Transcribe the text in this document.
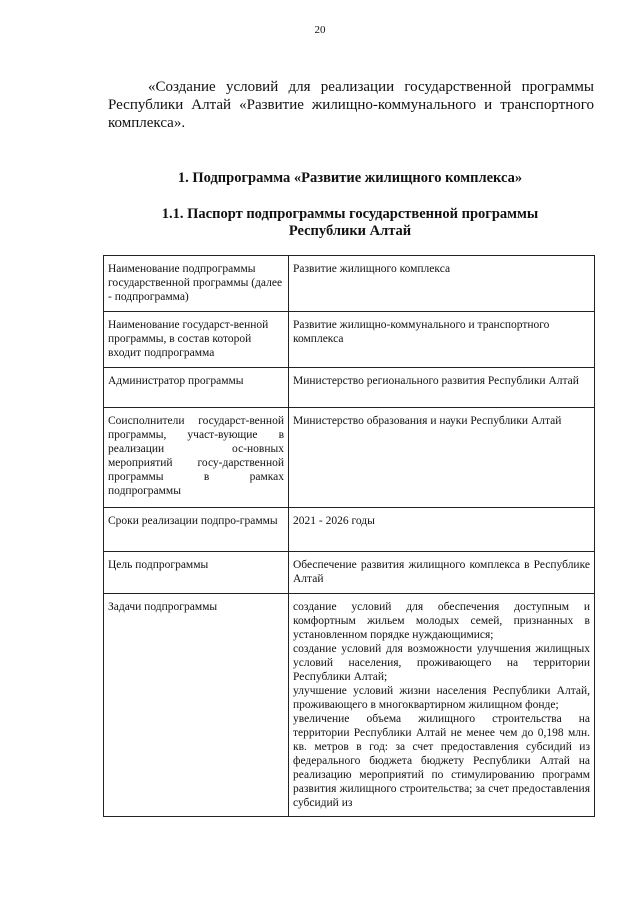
20

«Создание условий для реализации государственной программы Республики Алтай «Развитие жилищно-коммунального и транспортного комплекса».

1. Подпрограмма «Развитие жилищного комплекса»
1.1. Паспорт подпрограммы государственной программы
Республики Алтай
Наименование подпрограммы государственной программы (далее - подпрограмма)	Развитие жилищного комплекса
Наименование государст-венной программы, в состав которой входит подпрограмма	Развитие жилищно-коммунального и транспортного комплекса
Администратор программы	Министерство регионального развития Республики Алтай
Соисполнители государст-венной программы, участ-вующие в реализации ос-новных мероприятий госу-дарственной программы в рамках подпрограммы	Министерство образования и науки Республики Алтай
Сроки реализации подпро-граммы	2021 - 2026 годы
Цель подпрограммы	Обеспечение развития жилищного комплекса в Республике Алтай
Задачи подпрограммы	создание условий для обеспечения доступным и комфортным жильем молодых семей, признанных в установленном порядке нуждающимися;

создание условий для возможности улучшения жилищных условий населения, проживающего на территории Республики Алтай;

улучшение условий жизни населения Республики Алтай, проживающего в многоквартирном жилищном фонде;

увеличение объема жилищного строительства на территории Республики Алтай не менее чем до 0,198 млн. кв. метров в год: за счет предоставления субсидий из федерального бюджета бюджету Республики Алтай на реализацию мероприятий по стимулированию программ развития жилищного строительства; за счет предоставления субсидий из
